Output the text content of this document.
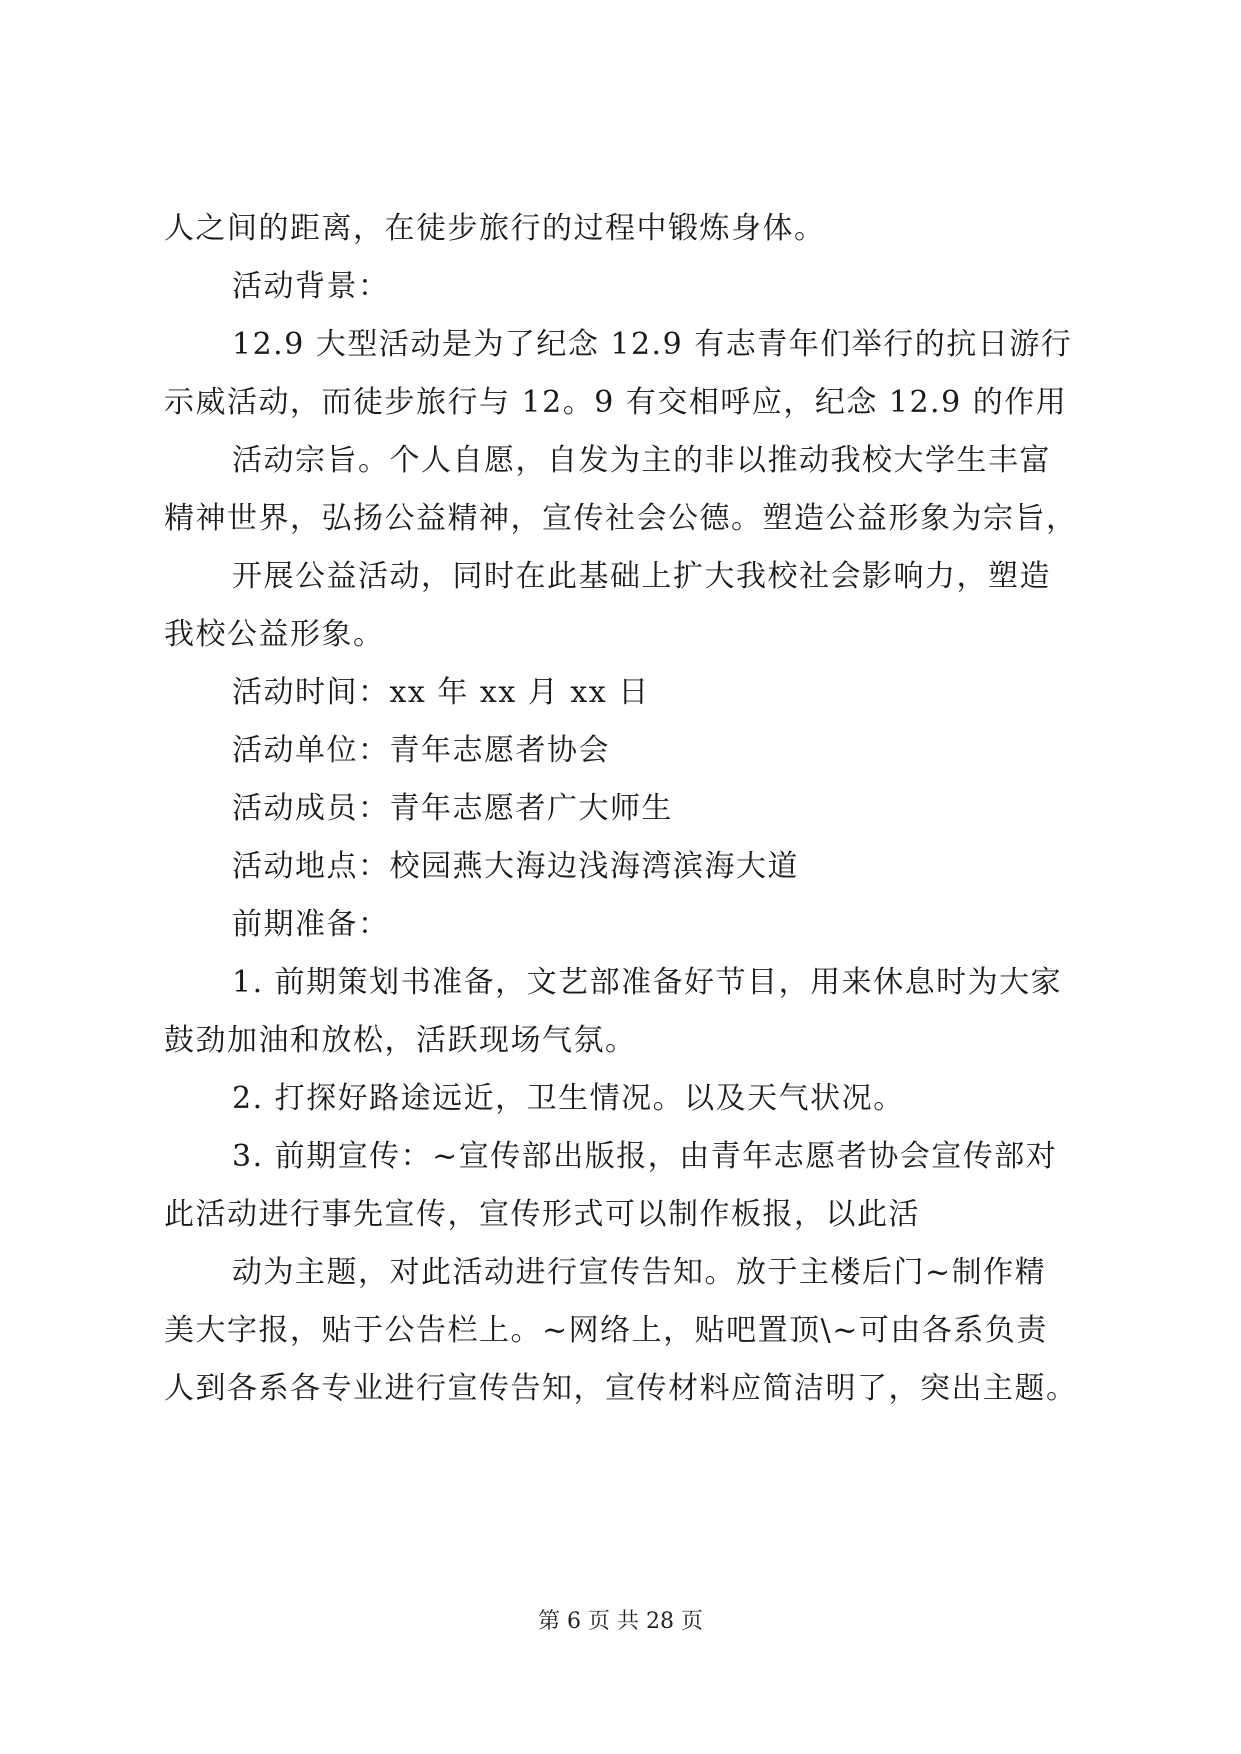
人之间的距离，在徒步旅行的过程中锻炼身体。
活动背景：
12.9 大型活动是为了纪念 12.9 有志青年们举行的抗日游行
示威活动，而徒步旅行与 12。9 有交相呼应，纪念 12.9 的作用
活动宗旨。个人自愿，自发为主的非以推动我校大学生丰富
精神世界，弘扬公益精神，宣传社会公德。塑造公益形象为宗旨，
开展公益活动，同时在此基础上扩大我校社会影响力，塑造
我校公益形象。
活动时间：xx 年 xx 月 xx 日
活动单位：青年志愿者协会
活动成员：青年志愿者广大师生
活动地点：校园燕大海边浅海湾滨海大道
前期准备：
1. 前期策划书准备，文艺部准备好节目，用来休息时为大家
鼓劲加油和放松，活跃现场气氛。
2. 打探好路途远近，卫生情况。以及天气状况。
3. 前期宣传：~宣传部出版报，由青年志愿者协会宣传部对
此活动进行事先宣传，宣传形式可以制作板报，以此活
动为主题，对此活动进行宣传告知。放于主楼后门~制作精
美大字报，贴于公告栏上。~网络上，贴吧置顶\~可由各系负责
人到各系各专业进行宣传告知，宣传材料应简洁明了，突出主题。
第 6 页 共 28 页
